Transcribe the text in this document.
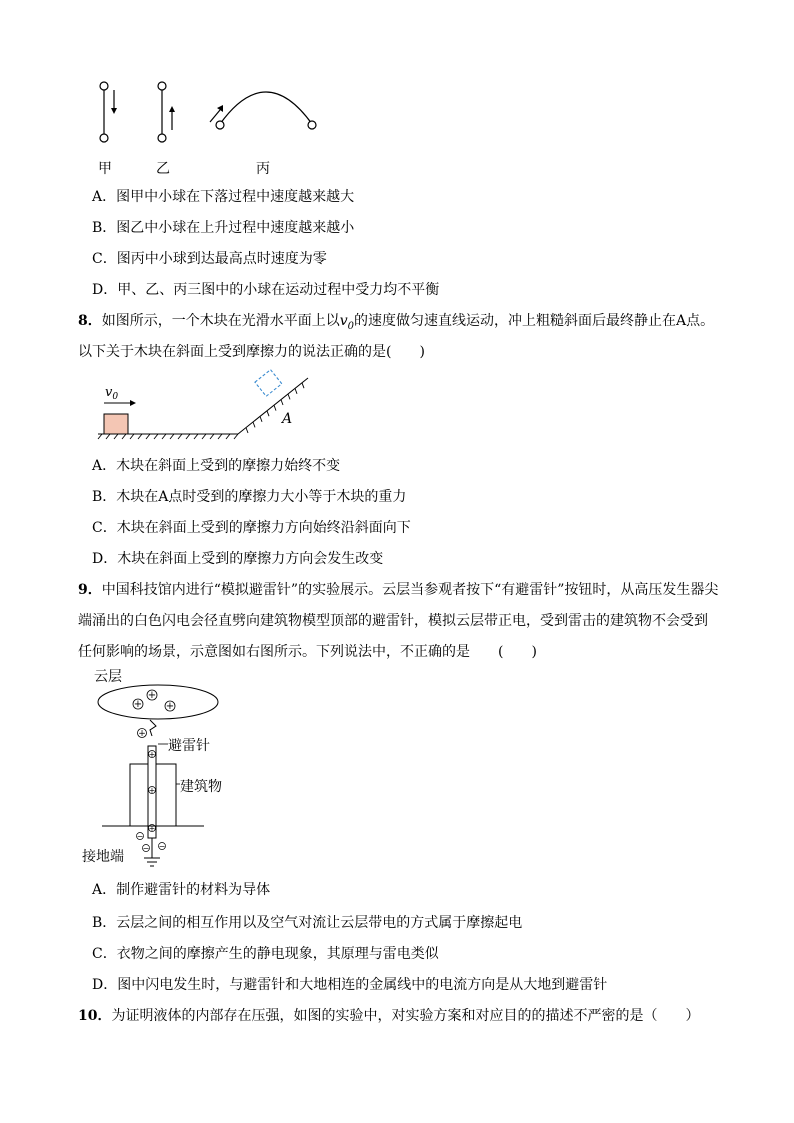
甲	乙	丙
A．图甲中小球在下落过程中速度越来越大
B．图乙中小球在上升过程中速度越来越小
C．图丙中小球到达最高点时速度为零
D．甲、乙、丙三图中的小球在运动过程中受力均不平衡
8．如图所示，一个木块在光滑水平面上以$v_0$的速度做匀速直线运动，冲上粗糙斜面后最终静止在A点。
以下关于木块在斜面上受到摩擦力的说法正确的是(　　)
$v_0$
A
A．木块在斜面上受到的摩擦力始终不变
B．木块在A点时受到的摩擦力大小等于木块的重力
C．木块在斜面上受到的摩擦力方向始终沿斜面向下
D．木块在斜面上受到的摩擦力方向会发生改变
9．中国科技馆内进行“模拟避雷针”的实验展示。云层当参观者按下“有避雷针”按钮时，从高压发生器尖
端涌出的白色闪电会径直劈向建筑物模型顶部的避雷针，模拟云层带正电，受到雷击的建筑物不会受到
任何影响的场景，示意图如右图所示。下列说法中，不正确的是　　(　　)
+
+
+
+
+
+
+
−
−
−
云层
避雷针
建筑物
接地端
A．制作避雷针的材料为导体
B．云层之间的相互作用以及空气对流让云层带电的方式属于摩擦起电
C．衣物之间的摩擦产生的静电现象，其原理与雷电类似
D．图中闪电发生时，与避雷针和大地相连的金属线中的电流方向是从大地到避雷针
10．为证明液体的内部存在压强，如图的实验中，对实验方案和对应目的的描述不严密的是（　　）
